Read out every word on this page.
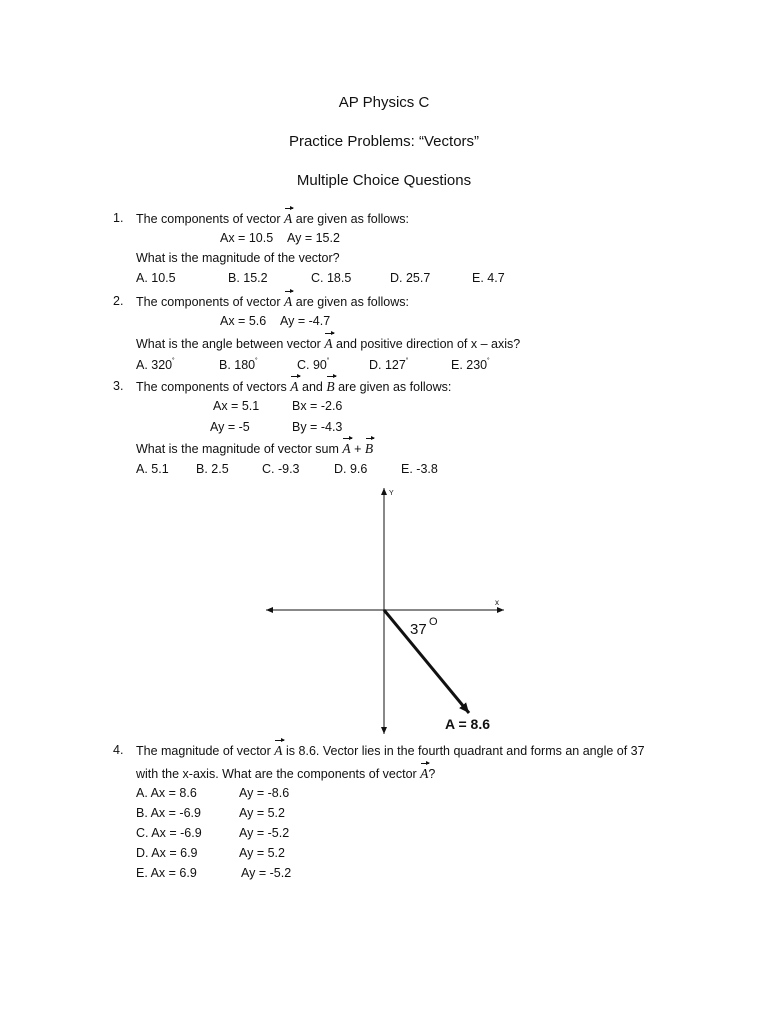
AP Physics C
Practice Problems: “Vectors”
Multiple Choice Questions
1. The components of vector A are given as follows:
Ax = 10.5 Ay = 15.2
What is the magnitude of the vector?
A. 10.5	B. 15.2	C. 18.5	D. 25.7	E. 4.7
2. The components of vector A are given as follows:
Ax = 5.6 Ay = -4.7
What is the angle between vector A and positive direction of x – axis?
A. 320˚	B. 180˚	C. 90˚	D. 127˚	E. 230˚
3. The components of vectors A and B are given as follows:
Ax = 5.1	Bx = -2.6
Ay = -5	By = -4.3
What is the magnitude of vector sum A + B
A. 5.1 B. 2.5	C. -9.3	D. 9.6	E. -3.8
Y
x
37 O
A = 8.6
4. The magnitude of vector A is 8.6. Vector lies in the fourth quadrant and forms an angle of 37
with the x-axis. What are the components of vector A?
A. Ax = 8.6	Ay = -8.6
B. Ax = -6.9	Ay = 5.2
C. Ax = -6.9	Ay = -5.2
D. Ax = 6.9	Ay = 5.2
E. Ax = 6.9	Ay = -5.2
